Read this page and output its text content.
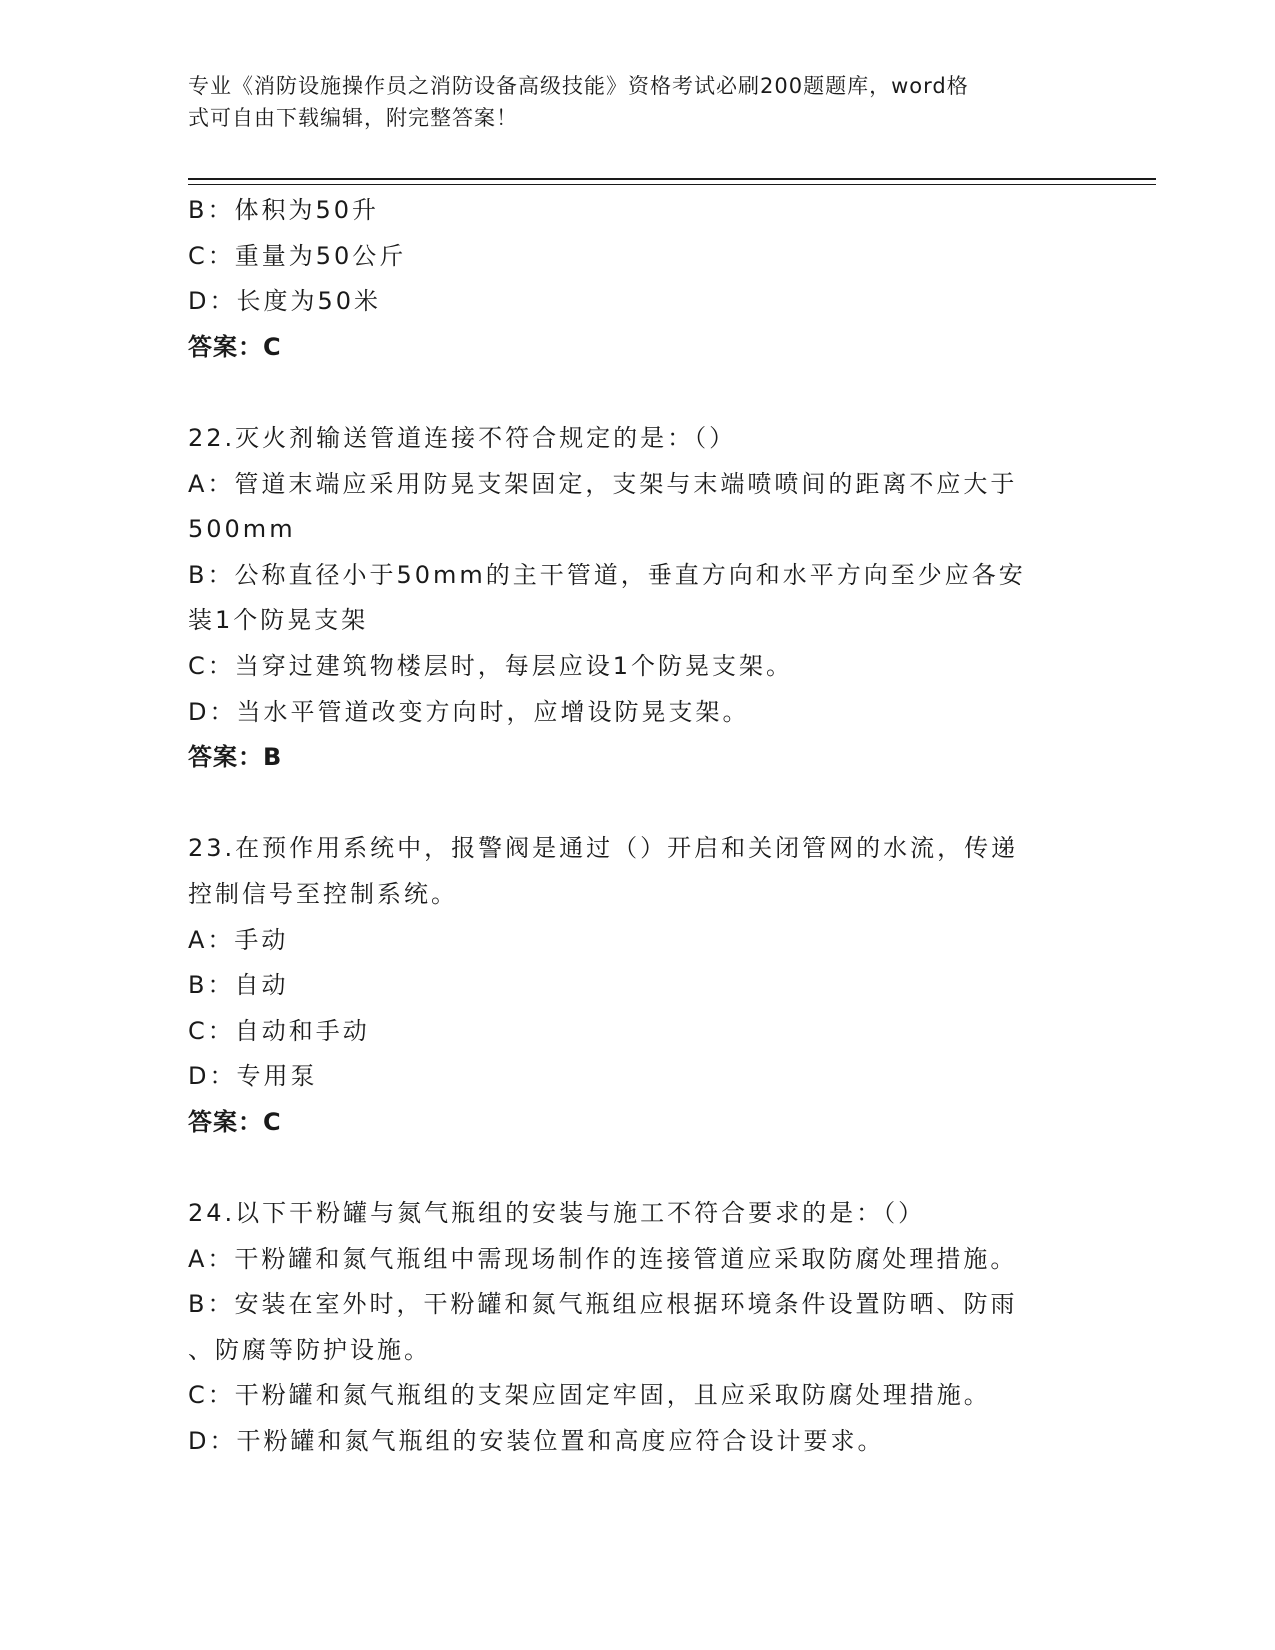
专业《消防设施操作员之消防设备高级技能》资格考试必刷200题题库，word格
式可自由下载编辑，附完整答案！
B：体积为50升
C：重量为50公斤
D：长度为50米
答案：C
22.灭火剂输送管道连接不符合规定的是：（）
A：管道末端应采用防晃支架固定，支架与末端喷喷间的距离不应大于
500mm
B：公称直径小于50mm的主干管道，垂直方向和水平方向至少应各安
装1个防晃支架
C：当穿过建筑物楼层时，每层应设1个防晃支架。
D：当水平管道改变方向时，应增设防晃支架。
答案：B
23.在预作用系统中，报警阀是通过（）开启和关闭管网的水流，传递
控制信号至控制系统。
A：手动
B：自动
C：自动和手动
D：专用泵
答案：C
24.以下干粉罐与氮气瓶组的安装与施工不符合要求的是：（）
A：干粉罐和氮气瓶组中需现场制作的连接管道应采取防腐处理措施。
B：安装在室外时，干粉罐和氮气瓶组应根据环境条件设置防晒、防雨
、防腐等防护设施。
C：干粉罐和氮气瓶组的支架应固定牢固，且应采取防腐处理措施。
D：干粉罐和氮气瓶组的安装位置和高度应符合设计要求。
